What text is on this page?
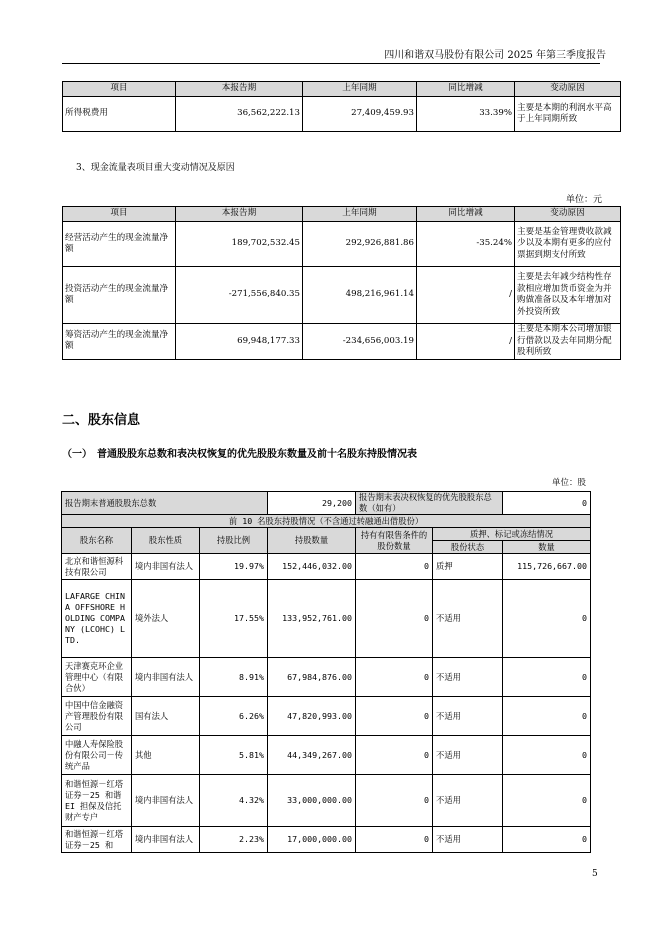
四川和谐双马股份有限公司 2025 年第三季度报告
项目	本报告期	上年同期	同比增减	变动原因
所得税费用	36,562,222.13	27,409,459.93	33.39%	主要是本期的利润水平高于上年同期所致
3、现金流量表项目重大变动情况及原因
单位：元
项目	本报告期	上年同期	同比增减	变动原因
经营活动产生的现金流量净额	189,702,532.45	292,926,881.86	-35.24%	主要是基金管理费收款减少以及本期有更多的应付票据到期支付所致
投资活动产生的现金流量净额	-271,556,840.35	498,216,961.14	/	主要是去年减少结构性存款相应增加货币资金为并购做准备以及本年增加对外投资所致
筹资活动产生的现金流量净额	69,948,177.33	-234,656,003.19	/	主要是本期本公司增加银行借款以及去年同期分配股利所致
二、股东信息
（一）　普通股股东总数和表决权恢复的优先股股东数量及前十名股东持股情况表
单位：股
报告期末普通股股东总数			29,200	报告期末表决权恢复的优先股股东总数（如有）		0
前 10 名股东持股情况（不含通过转融通出借股份）						
股东名称	股东性质	持股比例	持股数量	持有有限售条件的股份数量	质押、标记或冻结情况	
					股份状态	数量
北京和谐恒源科技有限公司	境内非国有法人	19.97%	152,446,032.00	0	质押	115,726,667.00
LAFARGE CHINA OFFSHORE HOLDING COMPANY (LCOHC) LTD.	境外法人	17.55%	133,952,761.00	0	不适用	0
天津赛克环企业管理中心（有限合伙）	境内非国有法人	8.91%	67,984,876.00	0	不适用	0
中国中信金融资产管理股份有限公司	国有法人	6.26%	47,820,993.00	0	不适用	0
中融人寿保险股份有限公司－传统产品	其他	5.81%	44,349,267.00	0	不适用	0
和谐恒源－红塔证券－25 和谐EI 担保及信托财产专户	境内非国有法人	4.32%	33,000,000.00	0	不适用	0
和谐恒源－红塔证券－25 和	境内非国有法人	2.23%	17,000,000.00	0	不适用	0
5
